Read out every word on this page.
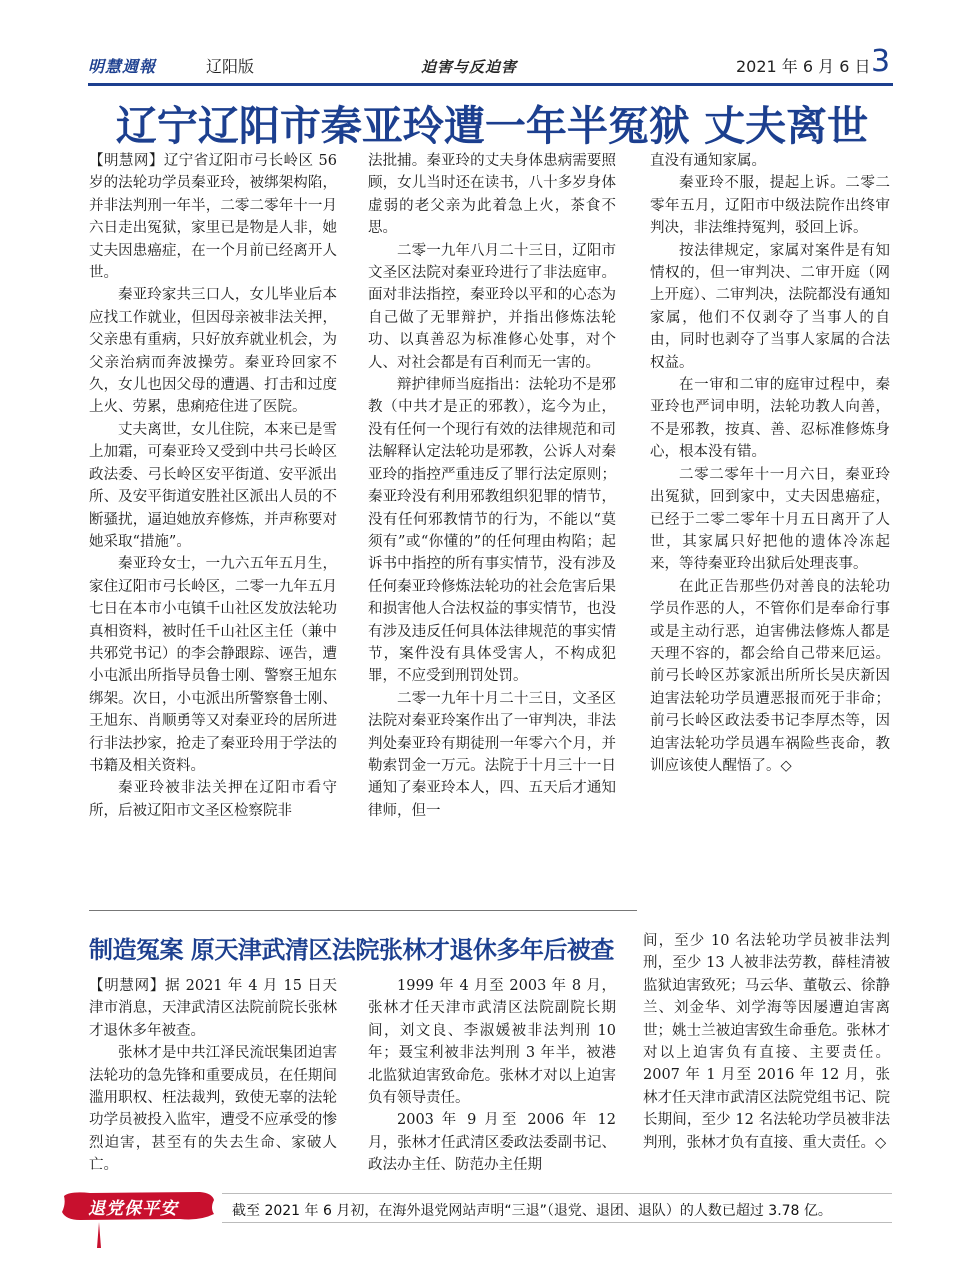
明慧週報	辽阳版	迫害与反迫害	2021 年 6 月 6 日 3
辽宁辽阳市秦亚玲遭一年半冤狱 丈夫离世

【明慧网】辽宁省辽阳市弓长岭区 56 岁的法轮功学员秦亚玲，被绑架构陷，并非法判刑一年半，二零二零年十一月六日走出冤狱，家里已是物是人非，她丈夫因患癌症，在一个月前已经离开人世。

秦亚玲家共三口人，女儿毕业后本应找工作就业，但因母亲被非法关押，父亲患有重病，只好放弃就业机会，为父亲治病而奔波操劳。秦亚玲回家不久，女儿也因父母的遭遇、打击和过度上火、劳累，患痢疮住进了医院。

丈夫离世，女儿住院，本来已是雪上加霜，可秦亚玲又受到中共弓长岭区政法委、弓长岭区安平街道、安平派出所、及安平街道安胜社区派出人员的不断骚扰，逼迫她放弃修炼，并声称要对她采取“措施”。

秦亚玲女士，一九六五年五月生，家住辽阳市弓长岭区，二零一九年五月七日在本市小屯镇千山社区发放法轮功真相资料，被时任千山社区主任（兼中共邪党书记）的李会静跟踪、诬告，遭小屯派出所指导员鲁士刚、警察王旭东绑架。次日，小屯派出所警察鲁士刚、王旭东、肖顺勇等又对秦亚玲的居所进行非法抄家，抢走了秦亚玲用于学法的书籍及相关资料。

秦亚玲被非法关押在辽阳市看守所，后被辽阳市文圣区检察院非

法批捕。秦亚玲的丈夫身体患病需要照顾，女儿当时还在读书，八十多岁身体虚弱的老父亲为此着急上火，茶食不思。

二零一九年八月二十三日，辽阳市文圣区法院对秦亚玲进行了非法庭审。面对非法指控，秦亚玲以平和的心态为自己做了无罪辩护，并指出修炼法轮功、以真善忍为标准修心处事，对个人、对社会都是有百利而无一害的。

辩护律师当庭指出：法轮功不是邪教（中共才是正的邪教），迄今为止，没有任何一个现行有效的法律规范和司法解释认定法轮功是邪教，公诉人对秦亚玲的指控严重违反了罪行法定原则；秦亚玲没有利用邪教组织犯罪的情节，没有任何邪教情节的行为，不能以“莫须有”或“你懂的”的任何理由构陷；起诉书中指控的所有事实情节，没有涉及任何秦亚玲修炼法轮功的社会危害后果和损害他人合法权益的事实情节，也没有涉及违反任何具体法律规范的事实情节，案件没有具体受害人，不构成犯罪，不应受到刑罚处罚。

二零一九年十月二十三日，文圣区法院对秦亚玲案作出了一审判决，非法判处秦亚玲有期徒刑一年零六个月，并勒索罚金一万元。法院于十月三十一日通知了秦亚玲本人，四、五天后才通知律师，但一

直没有通知家属。

秦亚玲不服，提起上诉。二零二零年五月，辽阳市中级法院作出终审判决，非法维持冤判，驳回上诉。

按法律规定，家属对案件是有知情权的，但一审判决、二审开庭（网上开庭）、二审判决，法院都没有通知家属，他们不仅剥夺了当事人的自由，同时也剥夺了当事人家属的合法权益。

在一审和二审的庭审过程中，秦亚玲也严词申明，法轮功教人向善，不是邪教，按真、善、忍标准修炼身心，根本没有错。

二零二零年十一月六日，秦亚玲出冤狱，回到家中，丈夫因患癌症，已经于二零二零年十月五日离开了人世，其家属只好把他的遗体冷冻起来，等待秦亚玲出狱后处理丧事。

在此正告那些仍对善良的法轮功学员作恶的人，不管你们是奉命行事或是主动行恶，迫害佛法修炼人都是天理不容的，都会给自己带来厄运。前弓长岭区苏家派出所所长吴庆新因迫害法轮功学员遭恶报而死于非命；前弓长岭区政法委书记李厚杰等，因迫害法轮功学员遇车祸险些丧命，教训应该使人醒悟了。◇

制造冤案 原天津武清区法院张林才退休多年后被查

【明慧网】据 2021 年 4 月 15 日天津市消息，天津武清区法院前院长张林才退休多年被查。

张林才是中共江泽民流氓集团迫害法轮功的急先锋和重要成员，在任期间滥用职权、枉法裁判，致使无辜的法轮功学员被投入监牢，遭受不应承受的惨烈迫害，甚至有的失去生命、家破人亡。

1999 年 4 月至 2003 年 8 月，张林才任天津市武清区法院副院长期间，刘文良、李淑媛被非法判刑 10 年；聂宝利被非法判刑 3 年半，被港北监狱迫害致命危。张林才对以上迫害负有领导责任。

2003 年 9 月至 2006 年 12 月，张林才任武清区委政法委副书记、政法办主任、防范办主任期

间，至少 10 名法轮功学员被非法判刑，至少 13 人被非法劳教，薛桂清被监狱迫害致死；马云华、董敬云、徐静兰、刘金华、刘学海等因屡遭迫害离世；姚士兰被迫害致生命垂危。张林才对以上迫害负有直接、主要责任。2007 年 1 月至 2016 年 12 月，张林才任天津市武清区法院党组书记、院长期间，至少 12 名法轮功学员被非法判刑，张林才负有直接、重大责任。◇

退党保平安	截至 2021 年 6 月初，在海外退党网站声明“三退”（退党、退团、退队）的人数已超过 3.78 亿。
